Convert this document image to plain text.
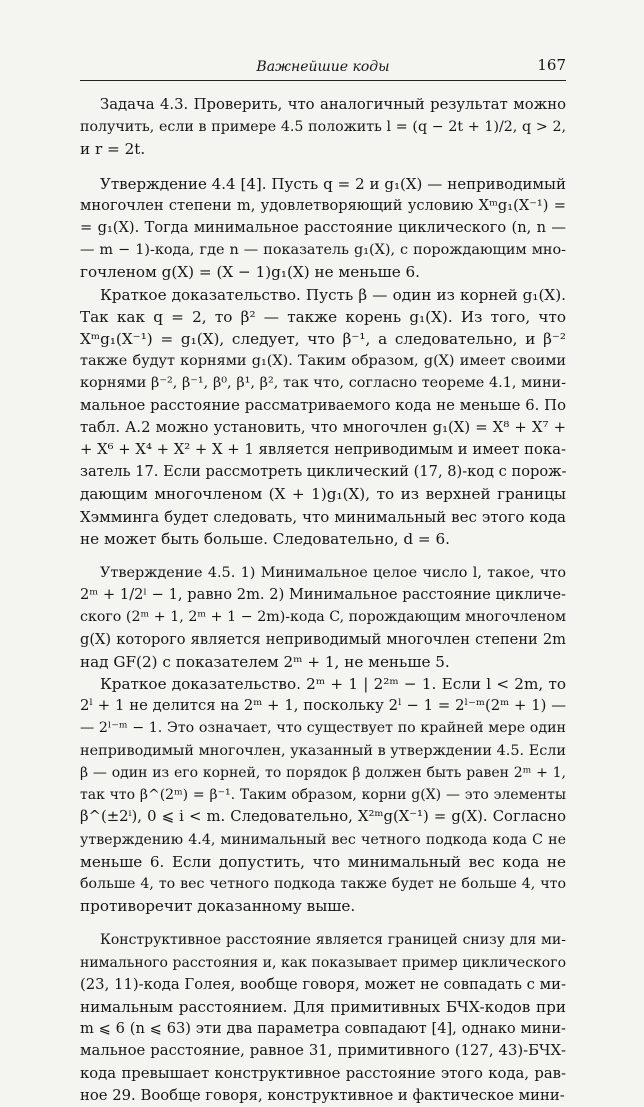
Важнейшие коды	167

Задача 4.3. Проверить, что аналогичный результат можно

получить, если в примере 4.5 положить l = (q − 2t + 1)/2, q > 2,

и r = 2t.

Утверждение 4.4 [4]. Пусть q = 2 и g₁(X) — неприводимый

многочлен степени m, удовлетворяющий условию Xᵐg₁(X⁻¹) =

= g₁(X). Тогда минимальное расстояние циклического (n, n —

— m − 1)-кода, где n — показатель g₁(X), с порождающим мно-

гочленом g(X) = (X − 1)g₁(X) не меньше 6.

Краткое доказательство. Пусть β — один из корней g₁(X).

Так как q = 2, то β² — также корень g₁(X). Из того, что

Xᵐg₁(X⁻¹) = g₁(X), следует, что β⁻¹, а следовательно, и β⁻²

также будут корнями g₁(X). Таким образом, g(X) имеет своими

корнями β⁻², β⁻¹, β⁰, β¹, β², так что, согласно теореме 4.1, мини-

мальное расстояние рассматриваемого кода не меньше 6. По

табл. А.2 можно установить, что многочлен g₁(X) = X⁸ + X⁷ +

+ X⁶ + X⁴ + X² + X + 1 является неприводимым и имеет пока-

затель 17. Если рассмотреть циклический (17, 8)-код с порож-

дающим многочленом (X + 1)g₁(X), то из верхней границы

Хэмминга будет следовать, что минимальный вес этого кода

не может быть больше. Следовательно, d = 6.

Утверждение 4.5. 1) Минимальное целое число l, такое, что

2ᵐ + 1/2ˡ − 1, равно 2m. 2) Минимальное расстояние цикличе-

ского (2ᵐ + 1, 2ᵐ + 1 − 2m)-кода C, порождающим многочленом

g(X) которого является неприводимый многочлен степени 2m

над GF(2) с показателем 2ᵐ + 1, не меньше 5.

Краткое доказательство. 2ᵐ + 1 | 2²ᵐ − 1. Если l < 2m, то

2ˡ + 1 не делится на 2ᵐ + 1, поскольку 2ˡ − 1 = 2ˡ⁻ᵐ(2ᵐ + 1) —

— 2ˡ⁻ᵐ − 1. Это означает, что существует по крайней мере один

неприводимый многочлен, указанный в утверждении 4.5. Если

β — один из его корней, то порядок β должен быть равен 2ᵐ + 1,

так что β^(2ᵐ) = β⁻¹. Таким образом, корни g(X) — это элементы

β^(±2ⁱ), 0 ⩽ i < m. Следовательно, X²ᵐg(X⁻¹) = g(X). Согласно

утверждению 4.4, минимальный вес четного подкода кода C не

меньше 6. Если допустить, что минимальный вес кода не

больше 4, то вес четного подкода также будет не больше 4, что

противоречит доказанному выше.

Конструктивное расстояние является границей снизу для ми-

нимального расстояния и, как показывает пример циклического

(23, 11)-кода Голея, вообще говоря, может не совпадать с ми-

нимальным расстоянием. Для примитивных БЧХ-кодов при

m ⩽ 6 (n ⩽ 63) эти два параметра совпадают [4], однако мини-

мальное расстояние, равное 31, примитивного (127, 43)-БЧХ-

кода превышает конструктивное расстояние этого кода, рав-

ное 29. Вообще говоря, конструктивное и фактическое мини-
